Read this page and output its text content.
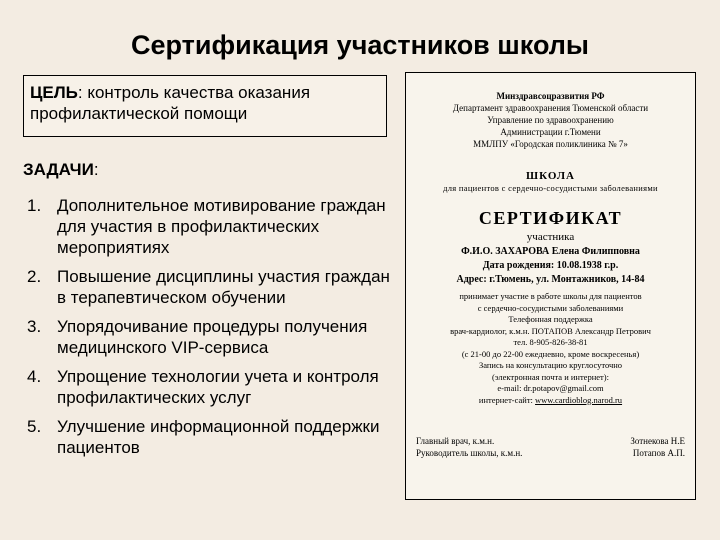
Сертификация участников школы
ЦЕЛЬ: контроль качества оказания профилактической помощи
ЗАДАЧИ:
1. Дополнительное мотивирование граждан для участия в профилактических мероприятиях
2. Повышение дисциплины участия граждан в терапевтическом обучении
3. Упорядочивание процедуры получения медицинского VIP-сервиса
4. Упрощение технологии учета и контроля профилактических услуг
5. Улучшение информационной поддержки пациентов
Минздравсоцразвития РФ
Департамент здравоохранения Тюменской области
Управление по здравоохранению
Администрации г.Тюмени
ММЛПУ «Городская поликлиника № 7»
ШКОЛА
для пациентов с сердечно-сосудистыми заболеваниями
СЕРТИФИКАТ
участника
Ф.И.О. ЗАХАРОВА Елена Филипповна
Дата рождения: 10.08.1938 г.р.
Адрес: г.Тюмень, ул. Монтажников, 14-84
принимает участие в работе школы для пациентов
с сердечно-сосудистыми заболеваниями
Телефонная поддержка
врач-кардиолог, к.м.н. ПОТАПОВ Александр Петрович
тел. 8-905-826-38-81
(с 21-00 до 22-00 ежедневно, кроме воскресенья)
Запись на консультацию круглосуточно
(электронная почта и интернет):
e-mail: dr.potapov@gmail.com
интернет-сайт: www.cardioblog.narod.ru
Главный врач, к.м.н.
Руководитель школы, к.м.н.
Зотнекова Н.Е
Потапов А.П.
